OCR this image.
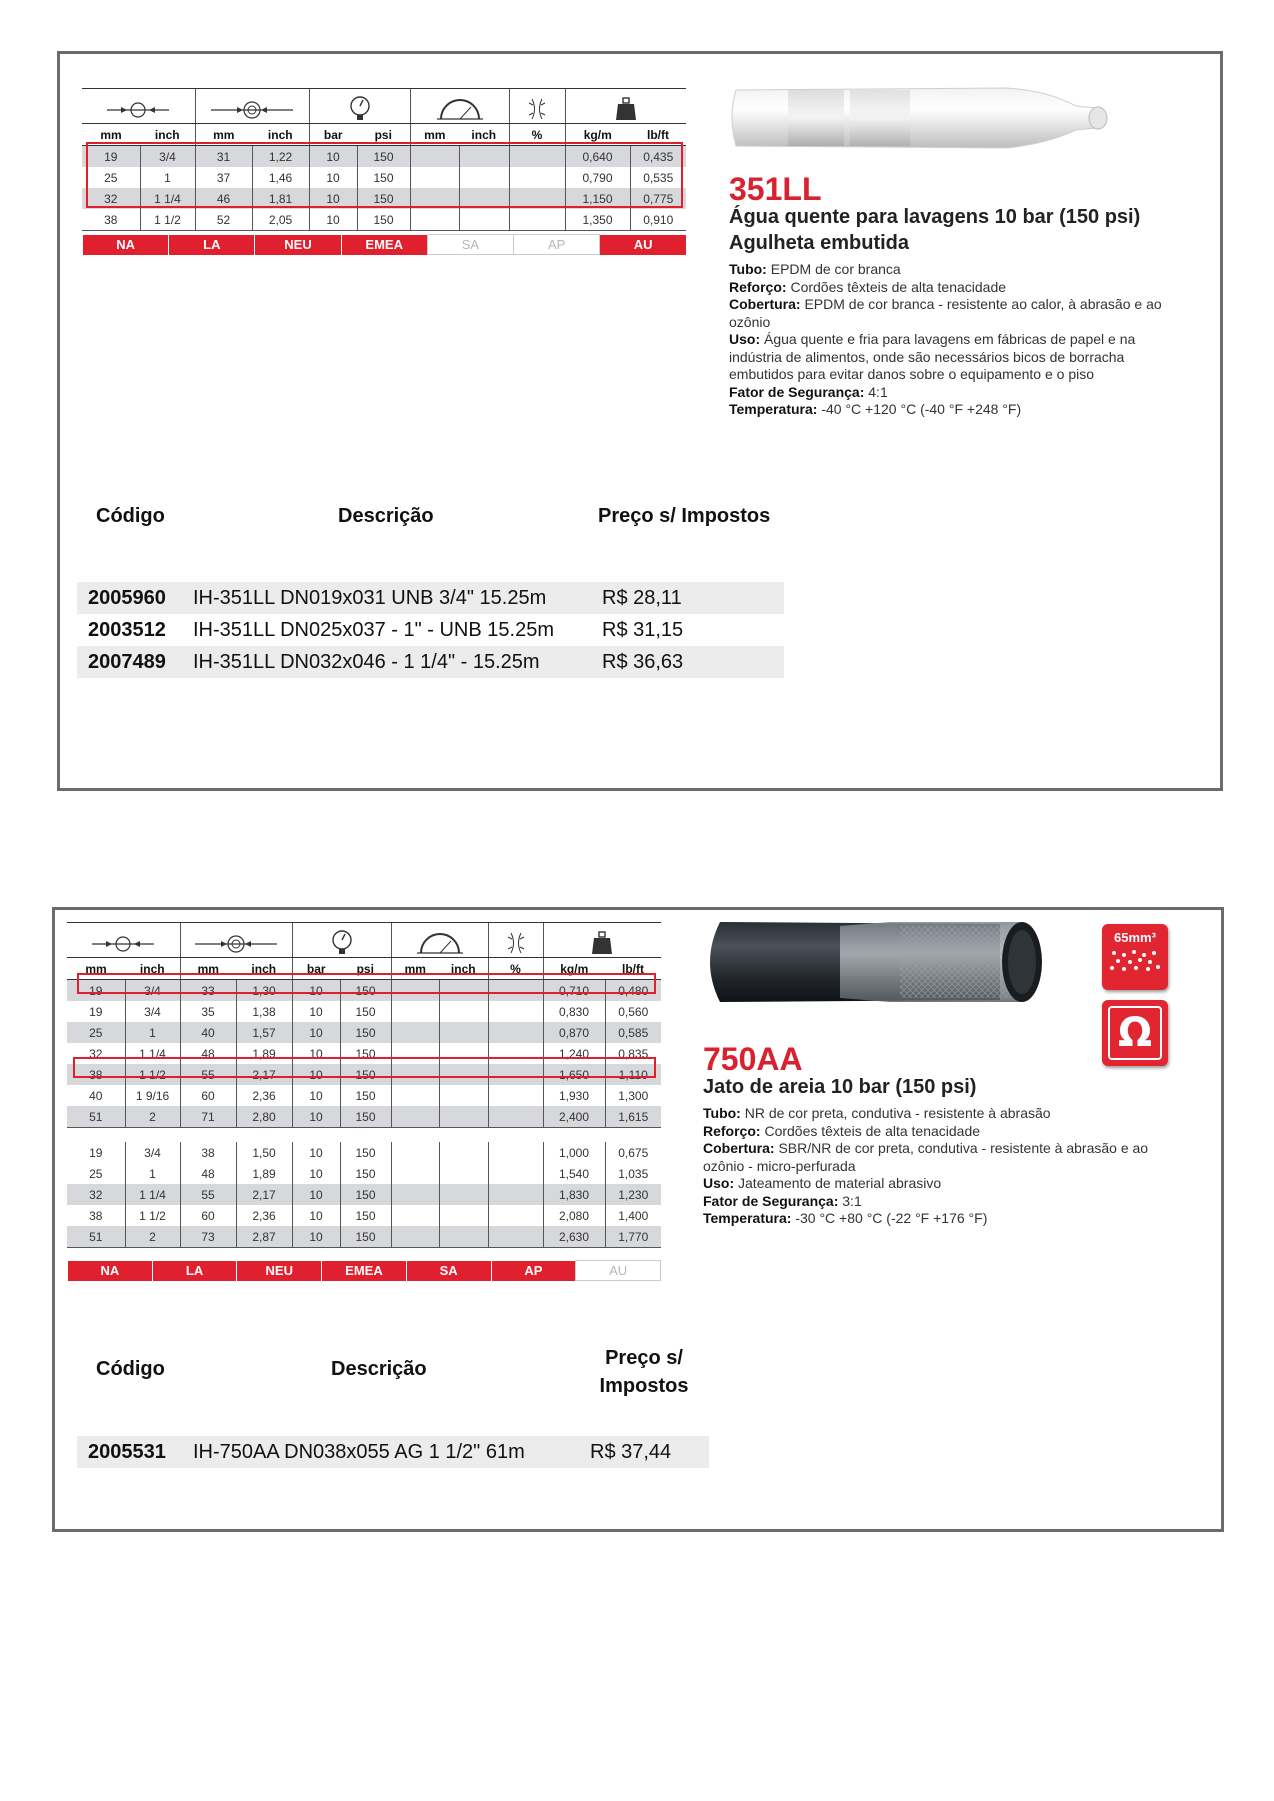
mm	inch	mm	inch	bar	psi	mm	inch	%	kg/m	lb/ft
19	3/4	31	1,22	10	150				0,640	0,435
25	1	37	1,46	10	150				0,790	0,535
32	1 1/4	46	1,81	10	150				1,150	0,775
38	1 1/2	52	2,05	10	150				1,350	0,910

NA	LA	NEU	EMEA	SA	AP	AU
351LL
Água quente para lavagens 10 bar (150 psi)
Agulheta embutida
Tubo: EPDM de cor branca
Reforço: Cordões têxteis de alta tenacidade
Cobertura: EPDM de cor branca - resistente ao calor, à abrasão e ao ozônio
Uso: Água quente e fria para lavagens em fábricas de papel e na indústria de alimentos, onde são necessários bicos de borracha embutidos para evitar danos sobre o equipamento e o piso
Fator de Segurança: 4:1
Temperatura: -40 °C +120 °C (-40 °F +248 °F)
Código	Descrição	Preço s/ Impostos
2005960 IH-351LL DN019x031 UNB 3/4" 15.25m	R$ 28,11
2003512 IH-351LL DN025x037 - 1" - UNB 15.25m R$ 31,15
2007489 IH-351LL DN032x046 - 1 1/4" - 15.25m	R$ 36,63

mm	inch	mm	inch	bar	psi	mm	inch	%	kg/m	lb/ft
19	3/4	33	1,30	10	150				0,710	0,480
19	3/4	35	1,38	10	150				0,830	0,560
25	1	40	1,57	10	150				0,870	0,585
32	1 1/4	48	1,89	10	150				1,240	0,835
38	1 1/2	55	2,17	10	150				1,650	1,110
40	1 9/16	60	2,36	10	150				1,930	1,300
51	2	71	2,80	10	150				2,400	1,615

19	3/4	38	1,50	10	150				1,000	0,675
25	1	48	1,89	10	150				1,540	1,035
32	1 1/4	55	2,17	10	150				1,830	1,230
38	1 1/2	60	2,36	10	150				2,080	1,400
51	2	73	2,87	10	150				2,630	1,770
NA	LA	NEU	EMEA	SA	AP	AU
65mm³
Ω
750AA
Jato de areia 10 bar (150 psi)
Tubo: NR de cor preta, condutiva - resistente à abrasão
Reforço: Cordões têxteis de alta tenacidade
Cobertura: SBR/NR de cor preta, condutiva - resistente à abrasão e ao ozônio - micro-perfurada
Uso: Jateamento de material abrasivo
Fator de Segurança: 3:1
Temperatura: -30 °C +80 °C (-22 °F +176 °F)
Código	Descrição	Preço s/
Impostos
2005531 IH-750AA DN038x055 AG 1 1/2" 61m	R$ 37,44
